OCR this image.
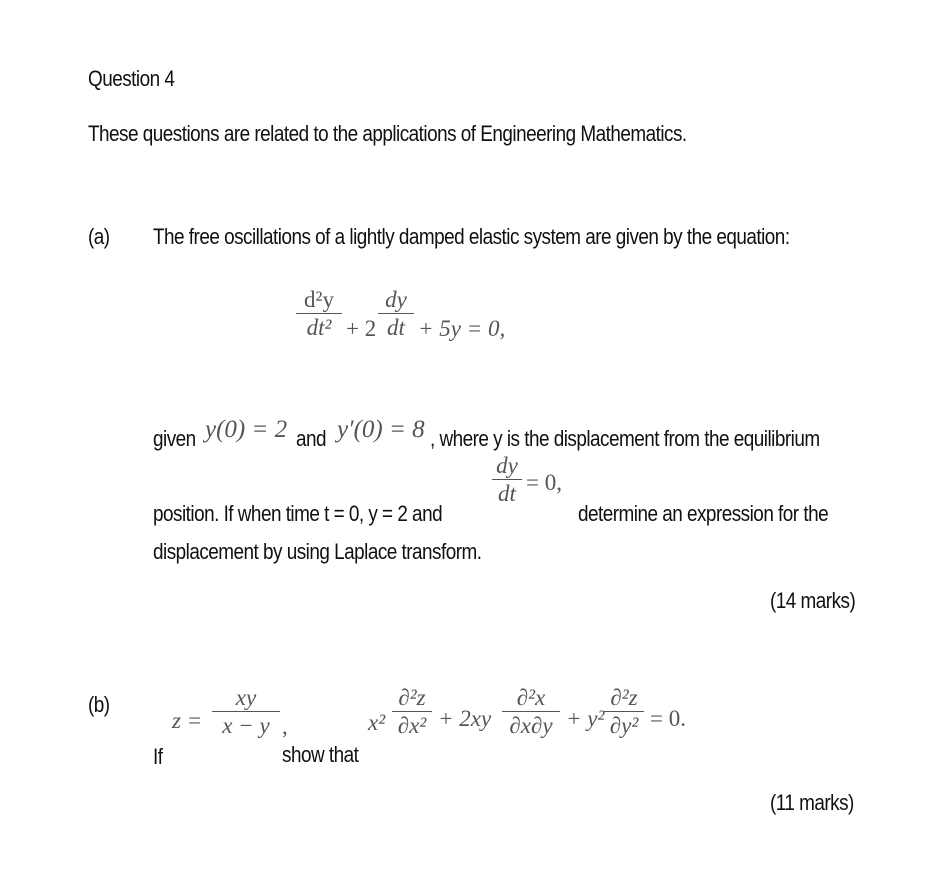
Question 4
These questions are related to the applications of Engineering Mathematics.
(a) The free oscillations of a lightly damped elastic system are given by the equation:
d²y
dt² + 2
dy
dt + 5y = 0,
given y(0) = 2 and y′(0) = 8 , where y is the displacement from the equilibrium
position. If when time t = 0, y = 2 and
dy
dt = 0,
determine an expression for the
displacement by using Laplace transform.
(14 marks)
(b)
If
z =
xy
x − y ,
show that
x²
∂²z
∂x² + 2xy
∂²x
∂x∂y + y²
∂²z
∂y² = 0.
(11 marks)
